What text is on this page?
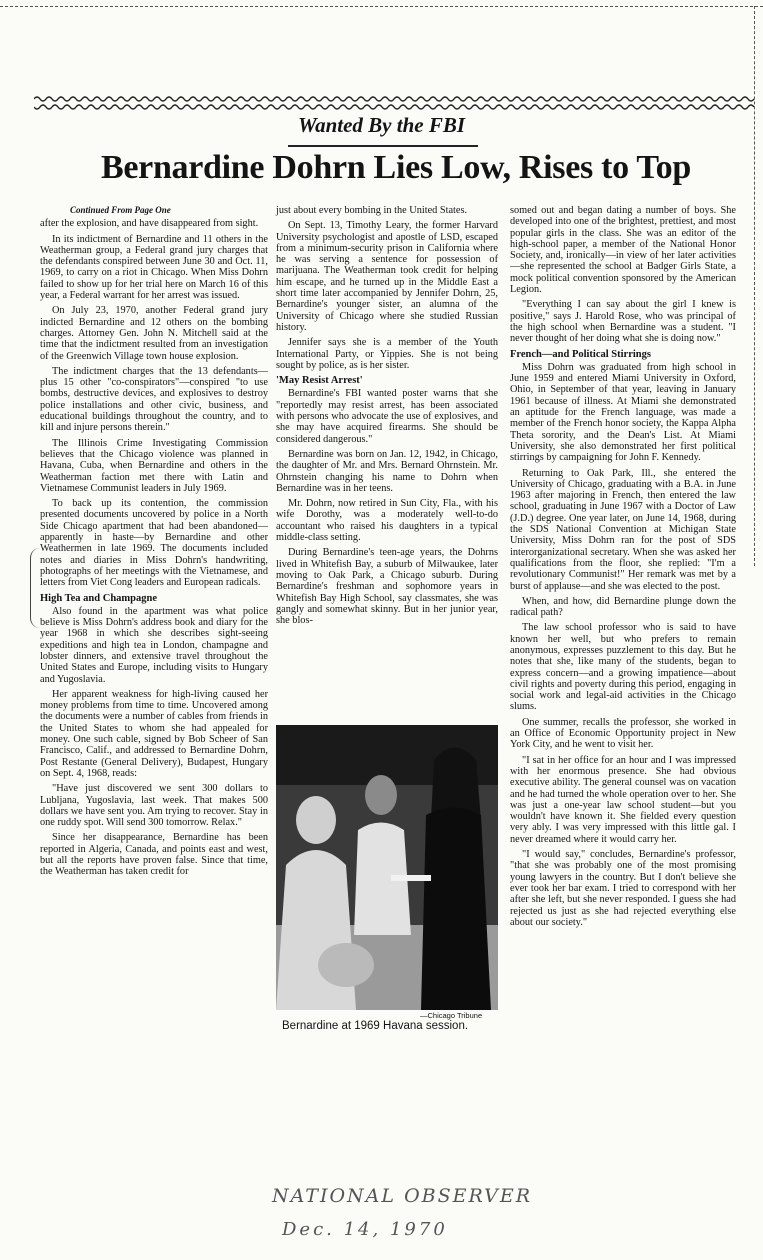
Wanted By the FBI
Bernardine Dohrn Lies Low, Rises to Top

Continued From Page One

after the explosion, and have disappeared from sight.

In its indictment of Bernardine and 11 others in the Weatherman group, a Federal grand jury charges that the defendants conspired between June 30 and Oct. 11, 1969, to carry on a riot in Chicago. When Miss Dohrn failed to show up for her trial here on March 16 of this year, a Federal warrant for her arrest was issued.

On July 23, 1970, another Federal grand jury indicted Bernardine and 12 others on the bombing charges. Attorney Gen. John N. Mitchell said at the time that the indictment resulted from an investigation of the Greenwich Village town house explosion.

The indictment charges that the 13 defendants—plus 15 other "co-conspirators"—conspired "to use bombs, destructive devices, and explosives to destroy police installations and other civic, business, and educational buildings throughout the country, and to kill and injure persons therein."

The Illinois Crime Investigating Commission believes that the Chicago violence was planned in Havana, Cuba, when Bernardine and others in the Weatherman faction met there with Latin and Vietnamese Communist leaders in July 1969.

To back up its contention, the commission presented documents uncovered by police in a North Side Chicago apartment that had been abandoned—apparently in haste—by Bernardine and other Weathermen in late 1969. The documents included notes and diaries in Miss Dohrn's handwriting, photographs of her meetings with the Vietnamese, and letters from Viet Cong leaders and European radicals.

High Tea and Champagne

Also found in the apartment was what police believe is Miss Dohrn's address book and diary for the year 1968 in which she describes sight-seeing expeditions and high tea in London, champagne and lobster dinners, and extensive travel throughout the United States and Europe, including visits to Hungary and Yugoslavia.

Her apparent weakness for high-living caused her money problems from time to time. Uncovered among the documents were a number of cables from friends in the United States to whom she had appealed for money. One such cable, signed by Bob Scheer of San Francisco, Calif., and addressed to Bernardine Dohrn, Post Restante (General Delivery), Budapest, Hungary on Sept. 4, 1968, reads:

"Have just discovered we sent 300 dollars to Lubljana, Yugoslavia, last week. That makes 500 dollars we have sent you. Am trying to recover. Stay in one ruddy spot. Will send 300 tomorrow. Relax."

Since her disappearance, Bernardine has been reported in Algeria, Canada, and points east and west, but all the reports have proven false. Since that time, the Weatherman has taken credit for

just about every bombing in the United States.

On Sept. 13, Timothy Leary, the former Harvard University psychologist and apostle of LSD, escaped from a minimum-security prison in California where he was serving a sentence for possession of marijuana. The Weatherman took credit for helping him escape, and he turned up in the Middle East a short time later accompanied by Jennifer Dohrn, 25, Bernardine's younger sister, an alumna of the University of Chicago where she studied Russian history.

Jennifer says she is a member of the Youth International Party, or Yippies. She is not being sought by police, as is her sister.

'May Resist Arrest'

Bernardine's FBI wanted poster warns that she "reportedly may resist arrest, has been associated with persons who advocate the use of explosives, and she may have acquired firearms. She should be considered dangerous."

Bernardine was born on Jan. 12, 1942, in Chicago, the daughter of Mr. and Mrs. Bernard Ohrnstein. Mr. Ohrnstein changing his name to Dohrn when Bernardine was in her teens.

Mr. Dohrn, now retired in Sun City, Fla., with his wife Dorothy, was a moderately well-to-do accountant who raised his daughters in a typical middle-class setting.

During Bernardine's teen-age years, the Dohrns lived in Whitefish Bay, a suburb of Milwaukee, later moving to Oak Park, a Chicago suburb. During Bernardine's freshman and sophomore years in Whitefish Bay High School, say classmates, she was gangly and somewhat skinny. But in her junior year, she blos-

—Chicago Tribune
Bernardine at 1969 Havana session.

somed out and began dating a number of boys. She developed into one of the brightest, prettiest, and most popular girls in the class. She was an editor of the high-school paper, a member of the National Honor Society, and, ironically—in view of her later activities—she represented the school at Badger Girls State, a mock political convention sponsored by the American Legion.

"Everything I can say about the girl I knew is positive," says J. Harold Rose, who was principal of the high school when Bernardine was a student. "I never thought of her doing what she is doing now."

French—and Political Stirrings

Miss Dohrn was graduated from high school in June 1959 and entered Miami University in Oxford, Ohio, in September of that year, leaving in January 1961 because of illness. At Miami she demonstrated an aptitude for the French language, was made a member of the French honor society, the Kappa Alpha Theta sorority, and the Dean's List. At Miami University, she also demonstrated her first political stirrings by campaigning for John F. Kennedy.

Returning to Oak Park, Ill., she entered the University of Chicago, graduating with a B.A. in June 1963 after majoring in French, then entered the law school, graduating in June 1967 with a Doctor of Law (J.D.) degree. One year later, on June 14, 1968, during the SDS National Convention at Michigan State University, Miss Dohrn ran for the post of SDS interorganizational secretary. When she was asked her qualifications from the floor, she replied: "I'm a revolutionary Communist!" Her remark was met by a burst of applause—and she was elected to the post.

When, and how, did Bernardine plunge down the radical path?

The law school professor who is said to have known her well, but who prefers to remain anonymous, expresses puzzlement to this day. But he notes that she, like many of the students, began to express concern—and a growing impatience—about civil rights and poverty during this period, engaging in social work and legal-aid activities in the Chicago slums.

One summer, recalls the professor, she worked in an Office of Economic Opportunity project in New York City, and he went to visit her.

"I sat in her office for an hour and I was impressed with her enormous presence. She had obvious executive ability. The general counsel was on vacation and he had turned the whole operation over to her. She was just a one-year law school student—but you wouldn't have known it. She fielded every question very ably. I was very impressed with this little gal. I never dreamed where it would carry her.

"I would say," concludes, Bernardine's professor, "that she was probably one of the most promising young lawyers in the country. But I don't believe she ever took her bar exam. I tried to correspond with her after she left, but she never responded. I guess she had rejected us just as she had rejected everything else about our society."

NATIONAL OBSERVER
Dec. 14, 1970
